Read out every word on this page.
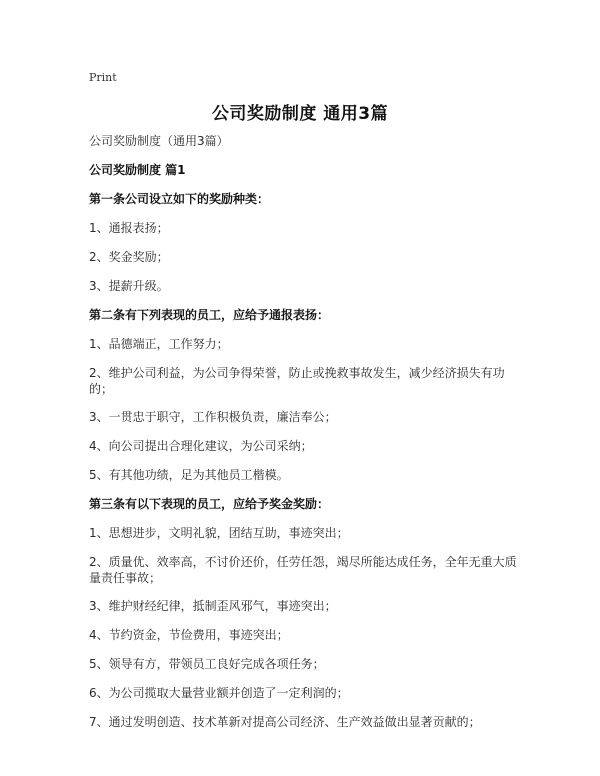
Print
公司奖励制度 通用3篇

公司奖励制度（通用3篇）

公司奖励制度 篇1

第一条公司设立如下的奖励种类：

1、通报表扬；

2、奖金奖励；

3、提薪升级。

第二条有下列表现的员工，应给予通报表扬：

1、品德端正，工作努力；

2、维护公司利益，为公司争得荣誉，防止或挽救事故发生，减少经济损失有功的；

3、一贯忠于职守，工作积极负责，廉洁奉公；

4、向公司提出合理化建议，为公司采纳；

5、有其他功绩，足为其他员工楷模。

第三条有以下表现的员工，应给予奖金奖励：

1、思想进步，文明礼貌，团结互助，事迹突出；

2、质量优、效率高，不讨价还价，任劳任怨，竭尽所能达成任务，全年无重大质量责任事故；

3、维护财经纪律，抵制歪风邪气，事迹突出；

4、节约资金，节俭费用，事迹突出；

5、领导有方，带领员工良好完成各项任务；

6、为公司揽取大量营业额并创造了一定利润的；

7、通过发明创造、技术革新对提高公司经济、生产效益做出显著贡献的；
